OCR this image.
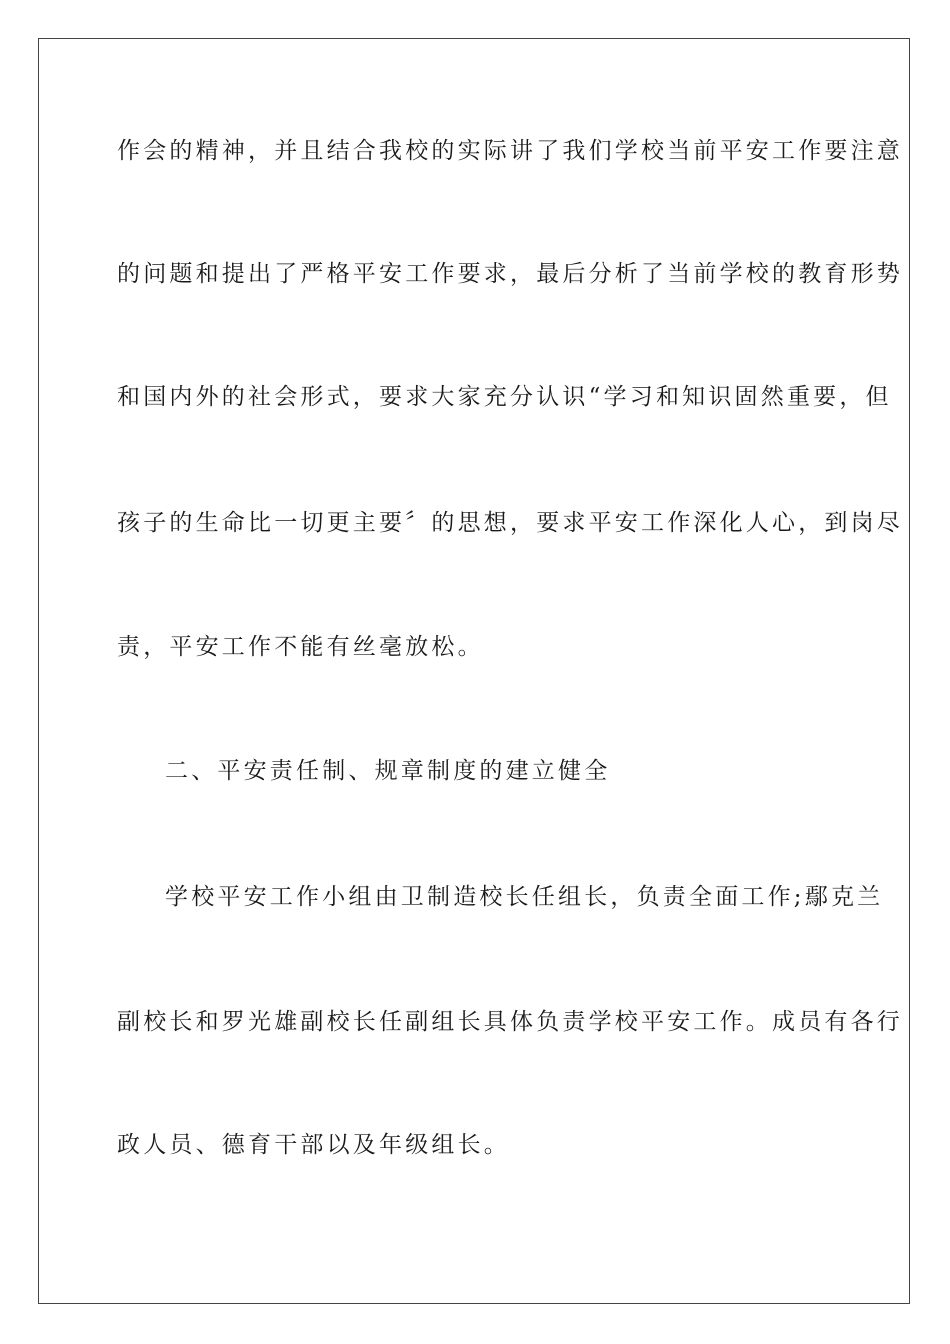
作会的精神，并且结合我校的实际讲了我们学校当前平安工作要注意
的问题和提出了严格平安工作要求，最后分析了当前学校的教育形势
和国内外的社会形式，要求大家充分认识“学习和知识固然重要，但
孩子的生命比一切更主要〞的思想，要求平安工作深化人心，到岗尽
责，平安工作不能有丝毫放松。
二、平安责任制、规章制度的建立健全
学校平安工作小组由卫制造校长任组长，负责全面工作;鄢克兰
副校长和罗光雄副校长任副组长具体负责学校平安工作。成员有各行
政人员、德育干部以及年级组长。
